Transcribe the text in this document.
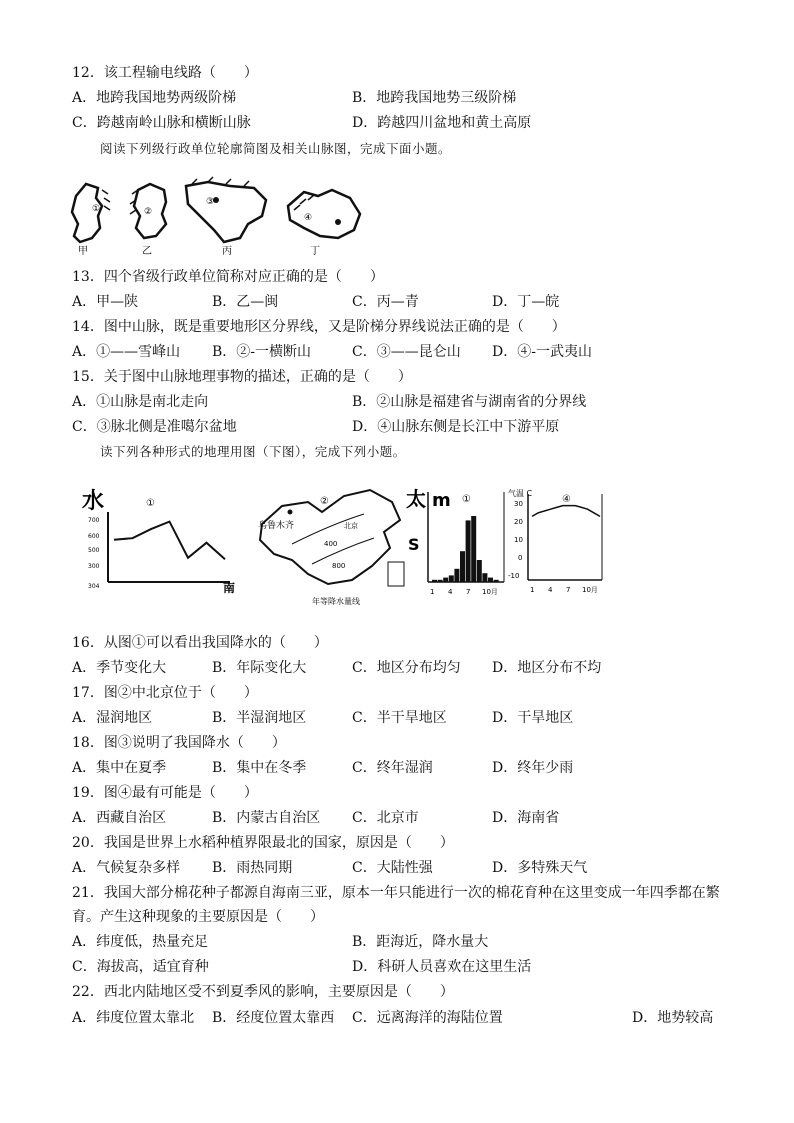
12．该工程输电线路（　　）
A．地跨我国地势两级阶梯	B．地跨我国地势三级阶梯
C．跨越南岭山脉和横断山脉	D．跨越四川盆地和黄土高原
阅读下列级行政单位轮廓简图及相关山脉图，完成下面小题。
①
甲
②
乙
③
丙
④
丁
13．四个省级行政单位简称对应正确的是（　　）
A．甲—陕	B．乙—闽	C．丙—青	D．丁—皖
14．图中山脉，既是重要地形区分界线，又是阶梯分界线说法正确的是（　　）
A．①——雪峰山 B．②-一横断山	C．③——昆仑山 D．④-一武夷山
15．关于图中山脉地理事物的描述，正确的是（　　）
A．①山脉是南北走向	B．②山脉是福建省与湖南省的分界线
C．③脉北侧是准噶尔盆地	D．④山脉东侧是长江中下游平原
读下列各种形式的地理用图（下图），完成下列小题。
水	①
700
600
500
300
304	南
乌鲁木齐
②
北京
400
800
年等降水量线
太 m ①
S
1 4 7 10月
气温 C
④
30
20
10
0
-10
1 4 7 10月
16．从图①可以看出我国降水的（　　）
A．季节变化大	B．年际变化大	C．地区分布均匀 D．地区分布不均
17．图②中北京位于（　　）
A．湿润地区	B．半湿润地区	C．半干旱地区	D．干旱地区
18．图③说明了我国降水（　　）
A．集中在夏季	B．集中在冬季	C．终年湿润	D．终年少雨
19．图④最有可能是（　　）
A．西藏自治区	B．内蒙古自治区 C．北京市	D．海南省
20．我国是世界上水稻种植界限最北的国家，原因是（　　）
A．气候复杂多样 B．雨热同期	C．大陆性强	D．多特殊天气
21．我国大部分棉花种子都源自海南三亚，原本一年只能进行一次的棉花育种在这里变成一年四季都在繁
育。产生这种现象的主要原因是（　　）
A．纬度低，热量充足	B．距海近，降水量大
C．海拔高，适宜育种	D．科研人员喜欢在这里生活
22．西北内陆地区受不到夏季风的影响，主要原因是（　　）
A．纬度位置太靠北 B．经度位置太靠西 C．远离海洋的海陆位置	D．地势较高
